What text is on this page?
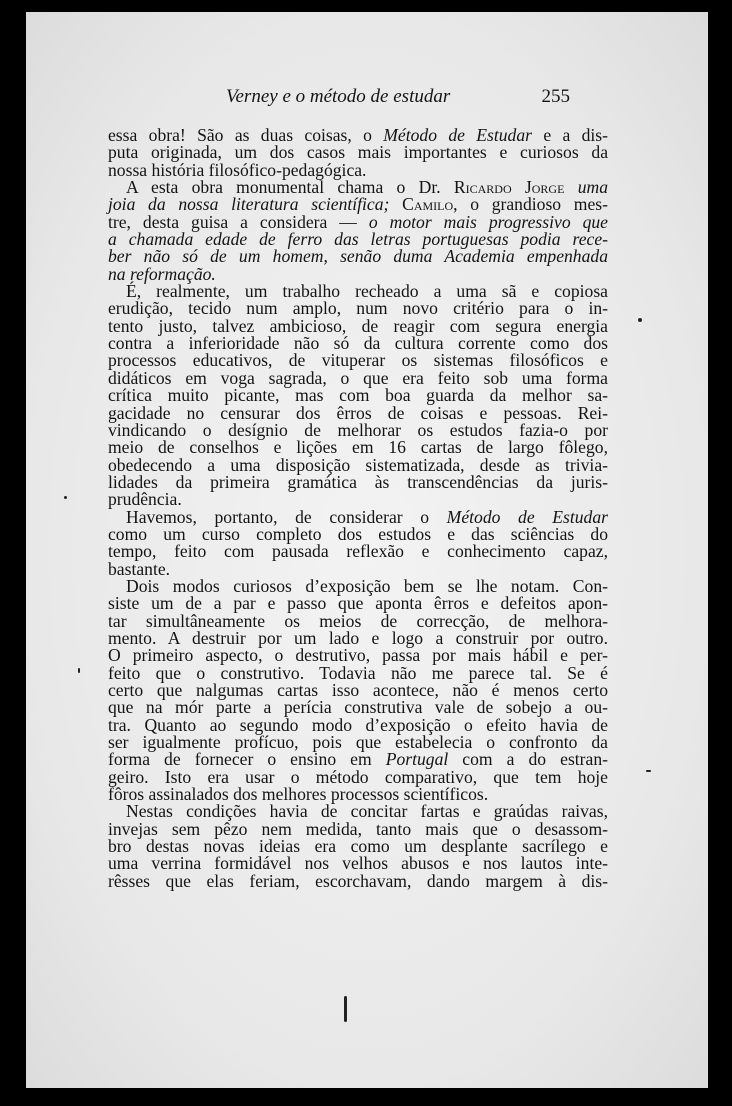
Verney e o método de estudar	255
essa obra! São as duas coisas, o Método de Estudar e a dis-
puta originada, um dos casos mais importantes e curiosos da
nossa história filosófico-pedagógica.
A esta obra monumental chama o Dr. Ricardo Jorge uma
joia da nossa literatura scientífica; Camilo, o grandioso mes-
tre, desta guisa a considera — o motor mais progressivo que
a chamada edade de ferro das letras portuguesas podia rece-
ber não só de um homem, senão duma Academia empenhada
na reformação.
É, realmente, um trabalho recheado a uma sã e copiosa
erudição, tecido num amplo, num novo critério para o in-
tento justo, talvez ambicioso, de reagir com segura energia
contra a inferioridade não só da cultura corrente como dos
processos educativos, de vituperar os sistemas filosóficos e
didáticos em voga sagrada, o que era feito sob uma forma
crítica muito picante, mas com boa guarda da melhor sa-
gacidade no censurar dos êrros de coisas e pessoas. Rei-
vindicando o desígnio de melhorar os estudos fazia-o por
meio de conselhos e lições em 16 cartas de largo fôlego,
obedecendo a uma disposição sistematizada, desde as trivia-
lidades da primeira gramática às transcendências da juris-
prudência.
Havemos, portanto, de considerar o Método de Estudar
como um curso completo dos estudos e das sciências do
tempo, feito com pausada reflexão e conhecimento capaz,
bastante.
Dois modos curiosos d’exposição bem se lhe notam. Con-
siste um de a par e passo que aponta êrros e defeitos apon-
tar simultâneamente os meios de correcção, de melhora-
mento. A destruir por um lado e logo a construir por outro.
O primeiro aspecto, o destrutivo, passa por mais hábil e per-
feito que o construtivo. Todavia não me parece tal. Se é
certo que nalgumas cartas isso acontece, não é menos certo
que na mór parte a perícia construtiva vale de sobejo a ou-
tra. Quanto ao segundo modo d’exposição o efeito havia de
ser igualmente profícuo, pois que estabelecia o confronto da
forma de fornecer o ensino em Portugal com a do estran-
geiro. Isto era usar o método comparativo, que tem hoje
fôros assinalados dos melhores processos scientíficos.
Nestas condições havia de concitar fartas e graúdas raivas,
invejas sem pêzo nem medida, tanto mais que o desassom-
bro destas novas ideias era como um desplante sacrílego e
uma verrina formidável nos velhos abusos e nos lautos inte-
rêsses que elas feriam, escorchavam, dando margem à dis-
